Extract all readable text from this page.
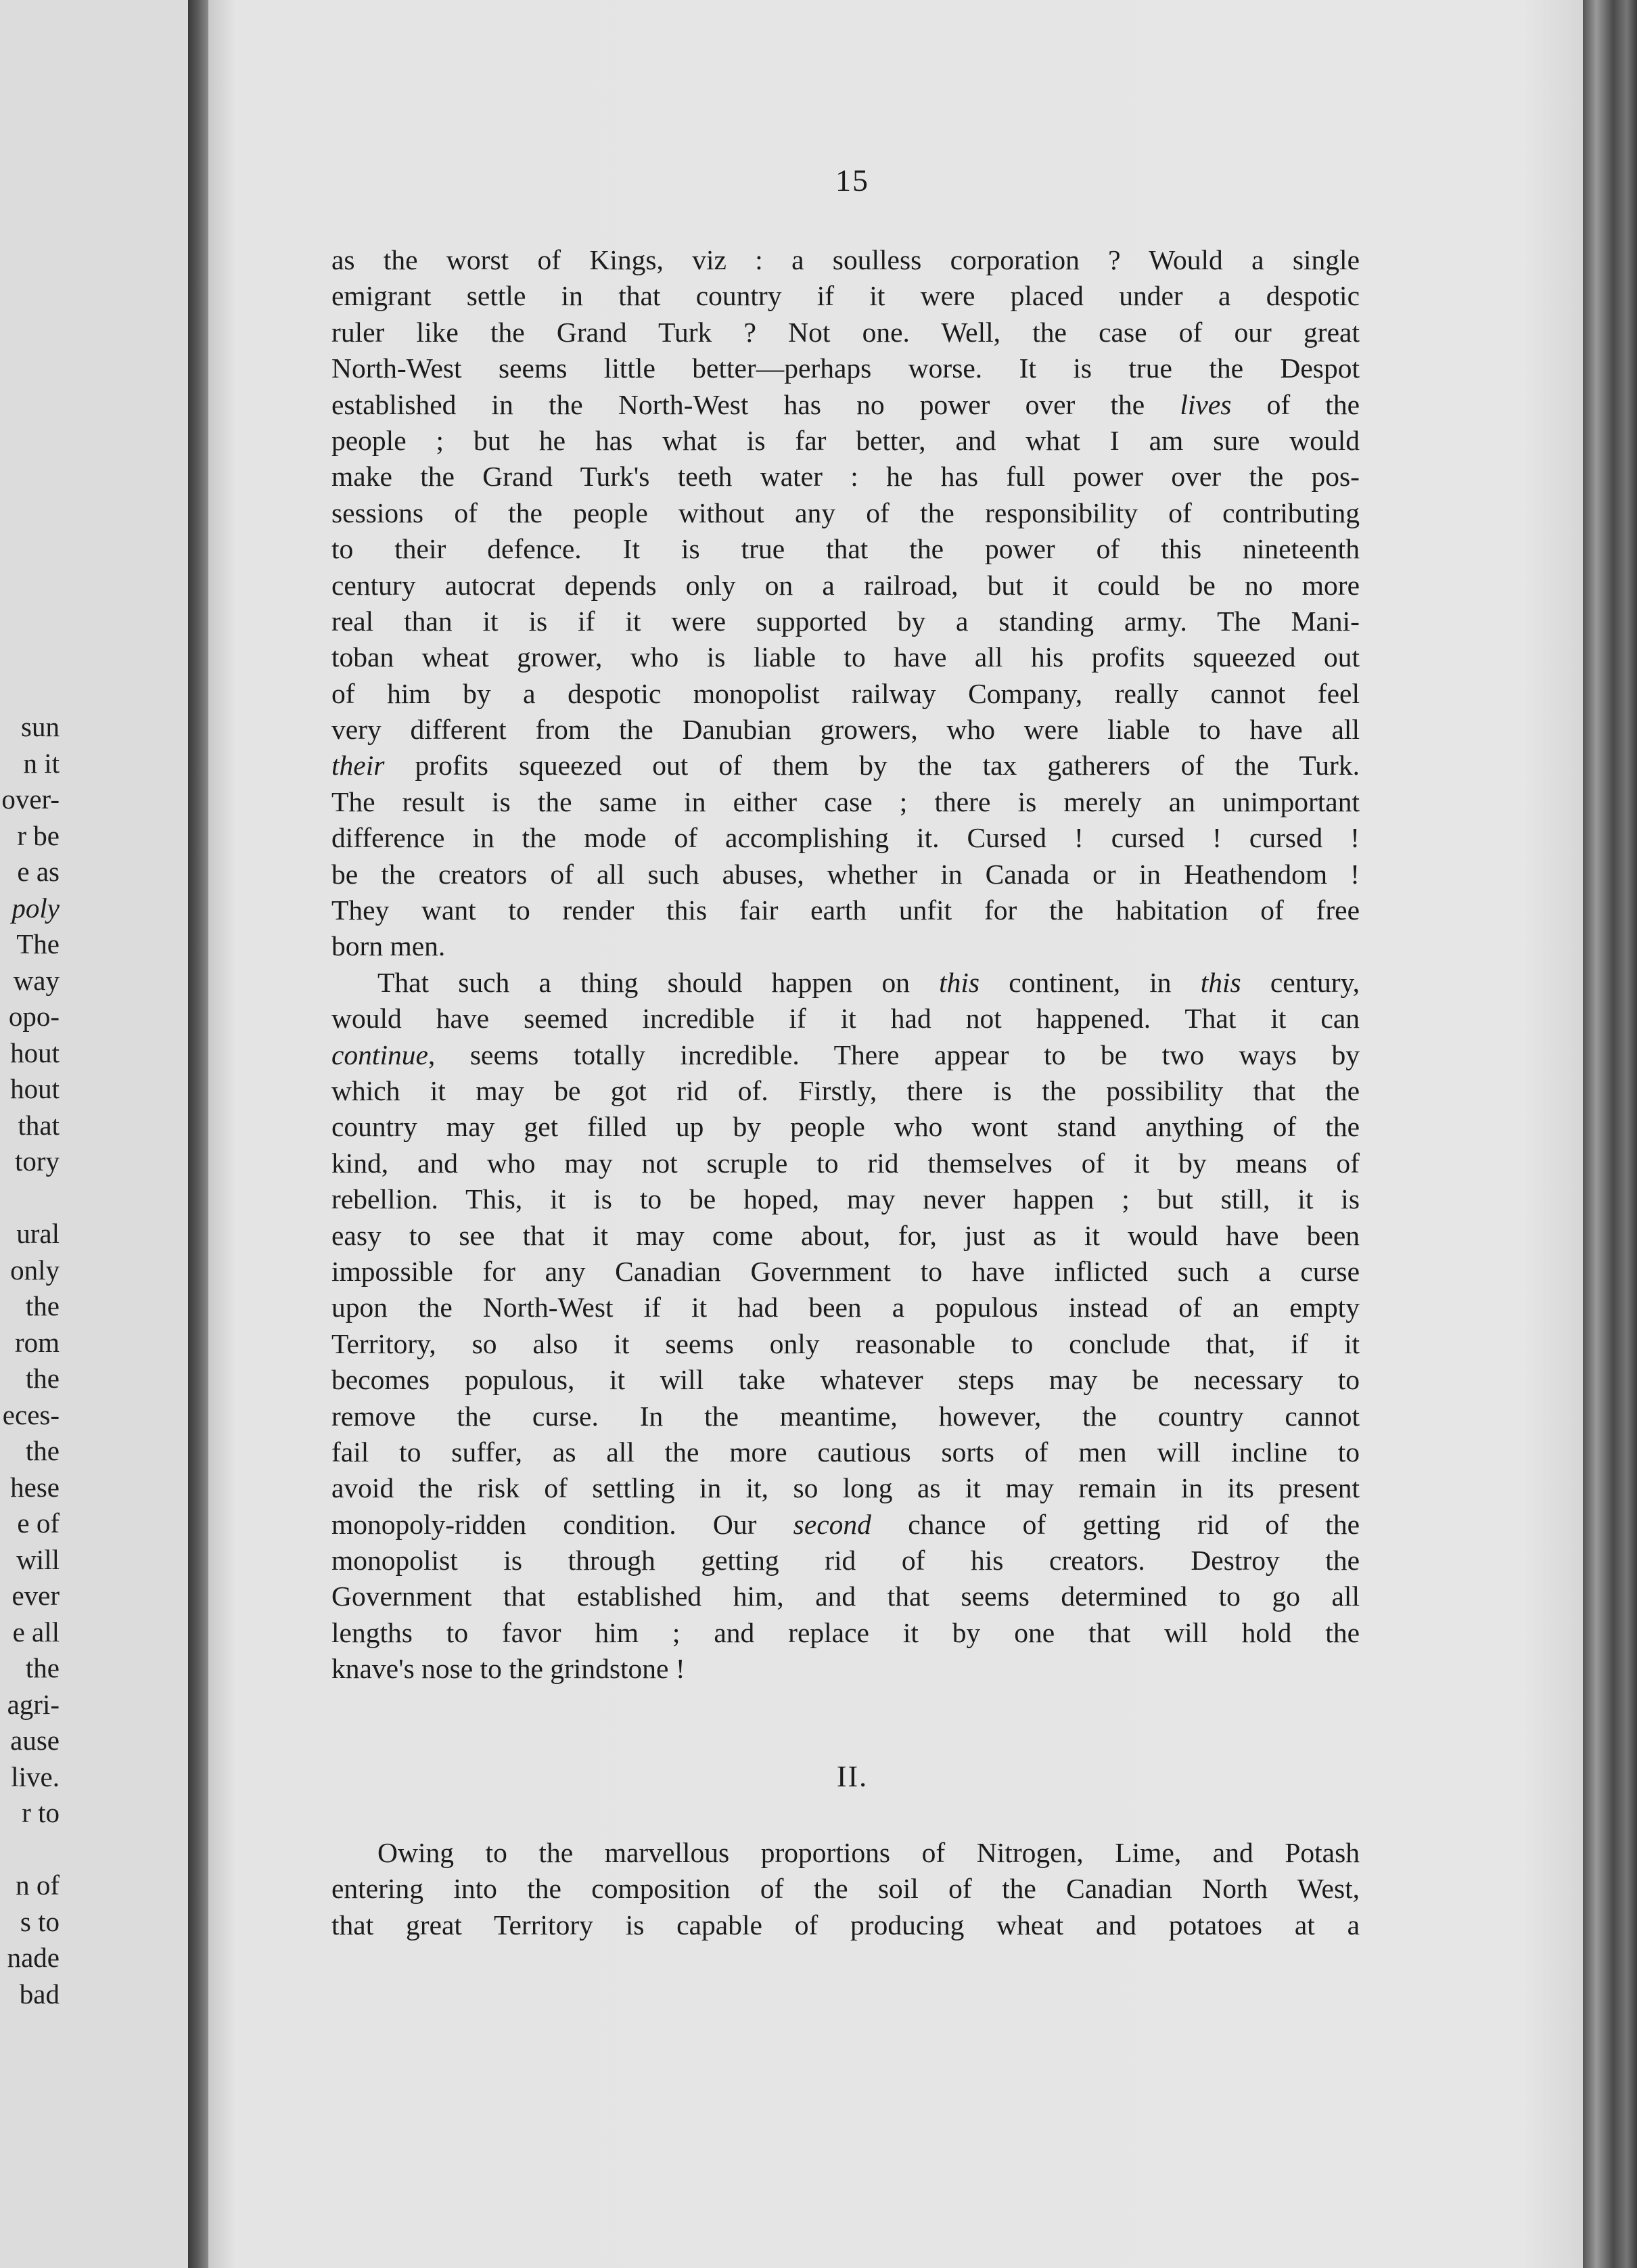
sun
n it
over-
r be
e as
poly
The
way
opo-
hout
hout
that
tory
ural
only
the
rom
the
eces-
the
hese
e of
will
ever
e all
the
agri-
ause
live.
r to
n of
s to
nade
bad
15
as the worst of Kings, viz : a soulless corporation ? Would a single
emigrant settle in that country if it were placed under a despotic
ruler like the Grand Turk ? Not one. Well, the case of our great
North-West seems little better—perhaps worse. It is true the Despot
established in the North-West has no power over the lives of the
people ; but he has what is far better, and what I am sure would
make the Grand Turk's teeth water : he has full power over the pos-
sessions of the people without any of the responsibility of contributing
to their defence. It is true that the power of this nineteenth
century autocrat depends only on a railroad, but it could be no more
real than it is if it were supported by a standing army. The Mani-
toban wheat grower, who is liable to have all his profits squeezed out
of him by a despotic monopolist railway Company, really cannot feel
very different from the Danubian growers, who were liable to have all
their profits squeezed out of them by the tax gatherers of the Turk.
The result is the same in either case ; there is merely an unimportant
difference in the mode of accomplishing it. Cursed ! cursed ! cursed !
be the creators of all such abuses, whether in Canada or in Heathendom !
They want to render this fair earth unfit for the habitation of free
born men.
That such a thing should happen on this continent, in this century,
would have seemed incredible if it had not happened. That it can
continue, seems totally incredible. There appear to be two ways by
which it may be got rid of. Firstly, there is the possibility that the
country may get filled up by people who wont stand anything of the
kind, and who may not scruple to rid themselves of it by means of
rebellion. This, it is to be hoped, may never happen ; but still, it is
easy to see that it may come about, for, just as it would have been
impossible for any Canadian Government to have inflicted such a curse
upon the North-West if it had been a populous instead of an empty
Territory, so also it seems only reasonable to conclude that, if it
becomes populous, it will take whatever steps may be necessary to
remove the curse. In the meantime, however, the country cannot
fail to suffer, as all the more cautious sorts of men will incline to
avoid the risk of settling in it, so long as it may remain in its present
monopoly-ridden condition. Our second chance of getting rid of the
monopolist is through getting rid of his creators. Destroy the
Government that established him, and that seems determined to go all
lengths to favor him ; and replace it by one that will hold the
knave's nose to the grindstone !
II.
Owing to the marvellous proportions of Nitrogen, Lime, and Potash
entering into the composition of the soil of the Canadian North West,
that great Territory is capable of producing wheat and potatoes at a
